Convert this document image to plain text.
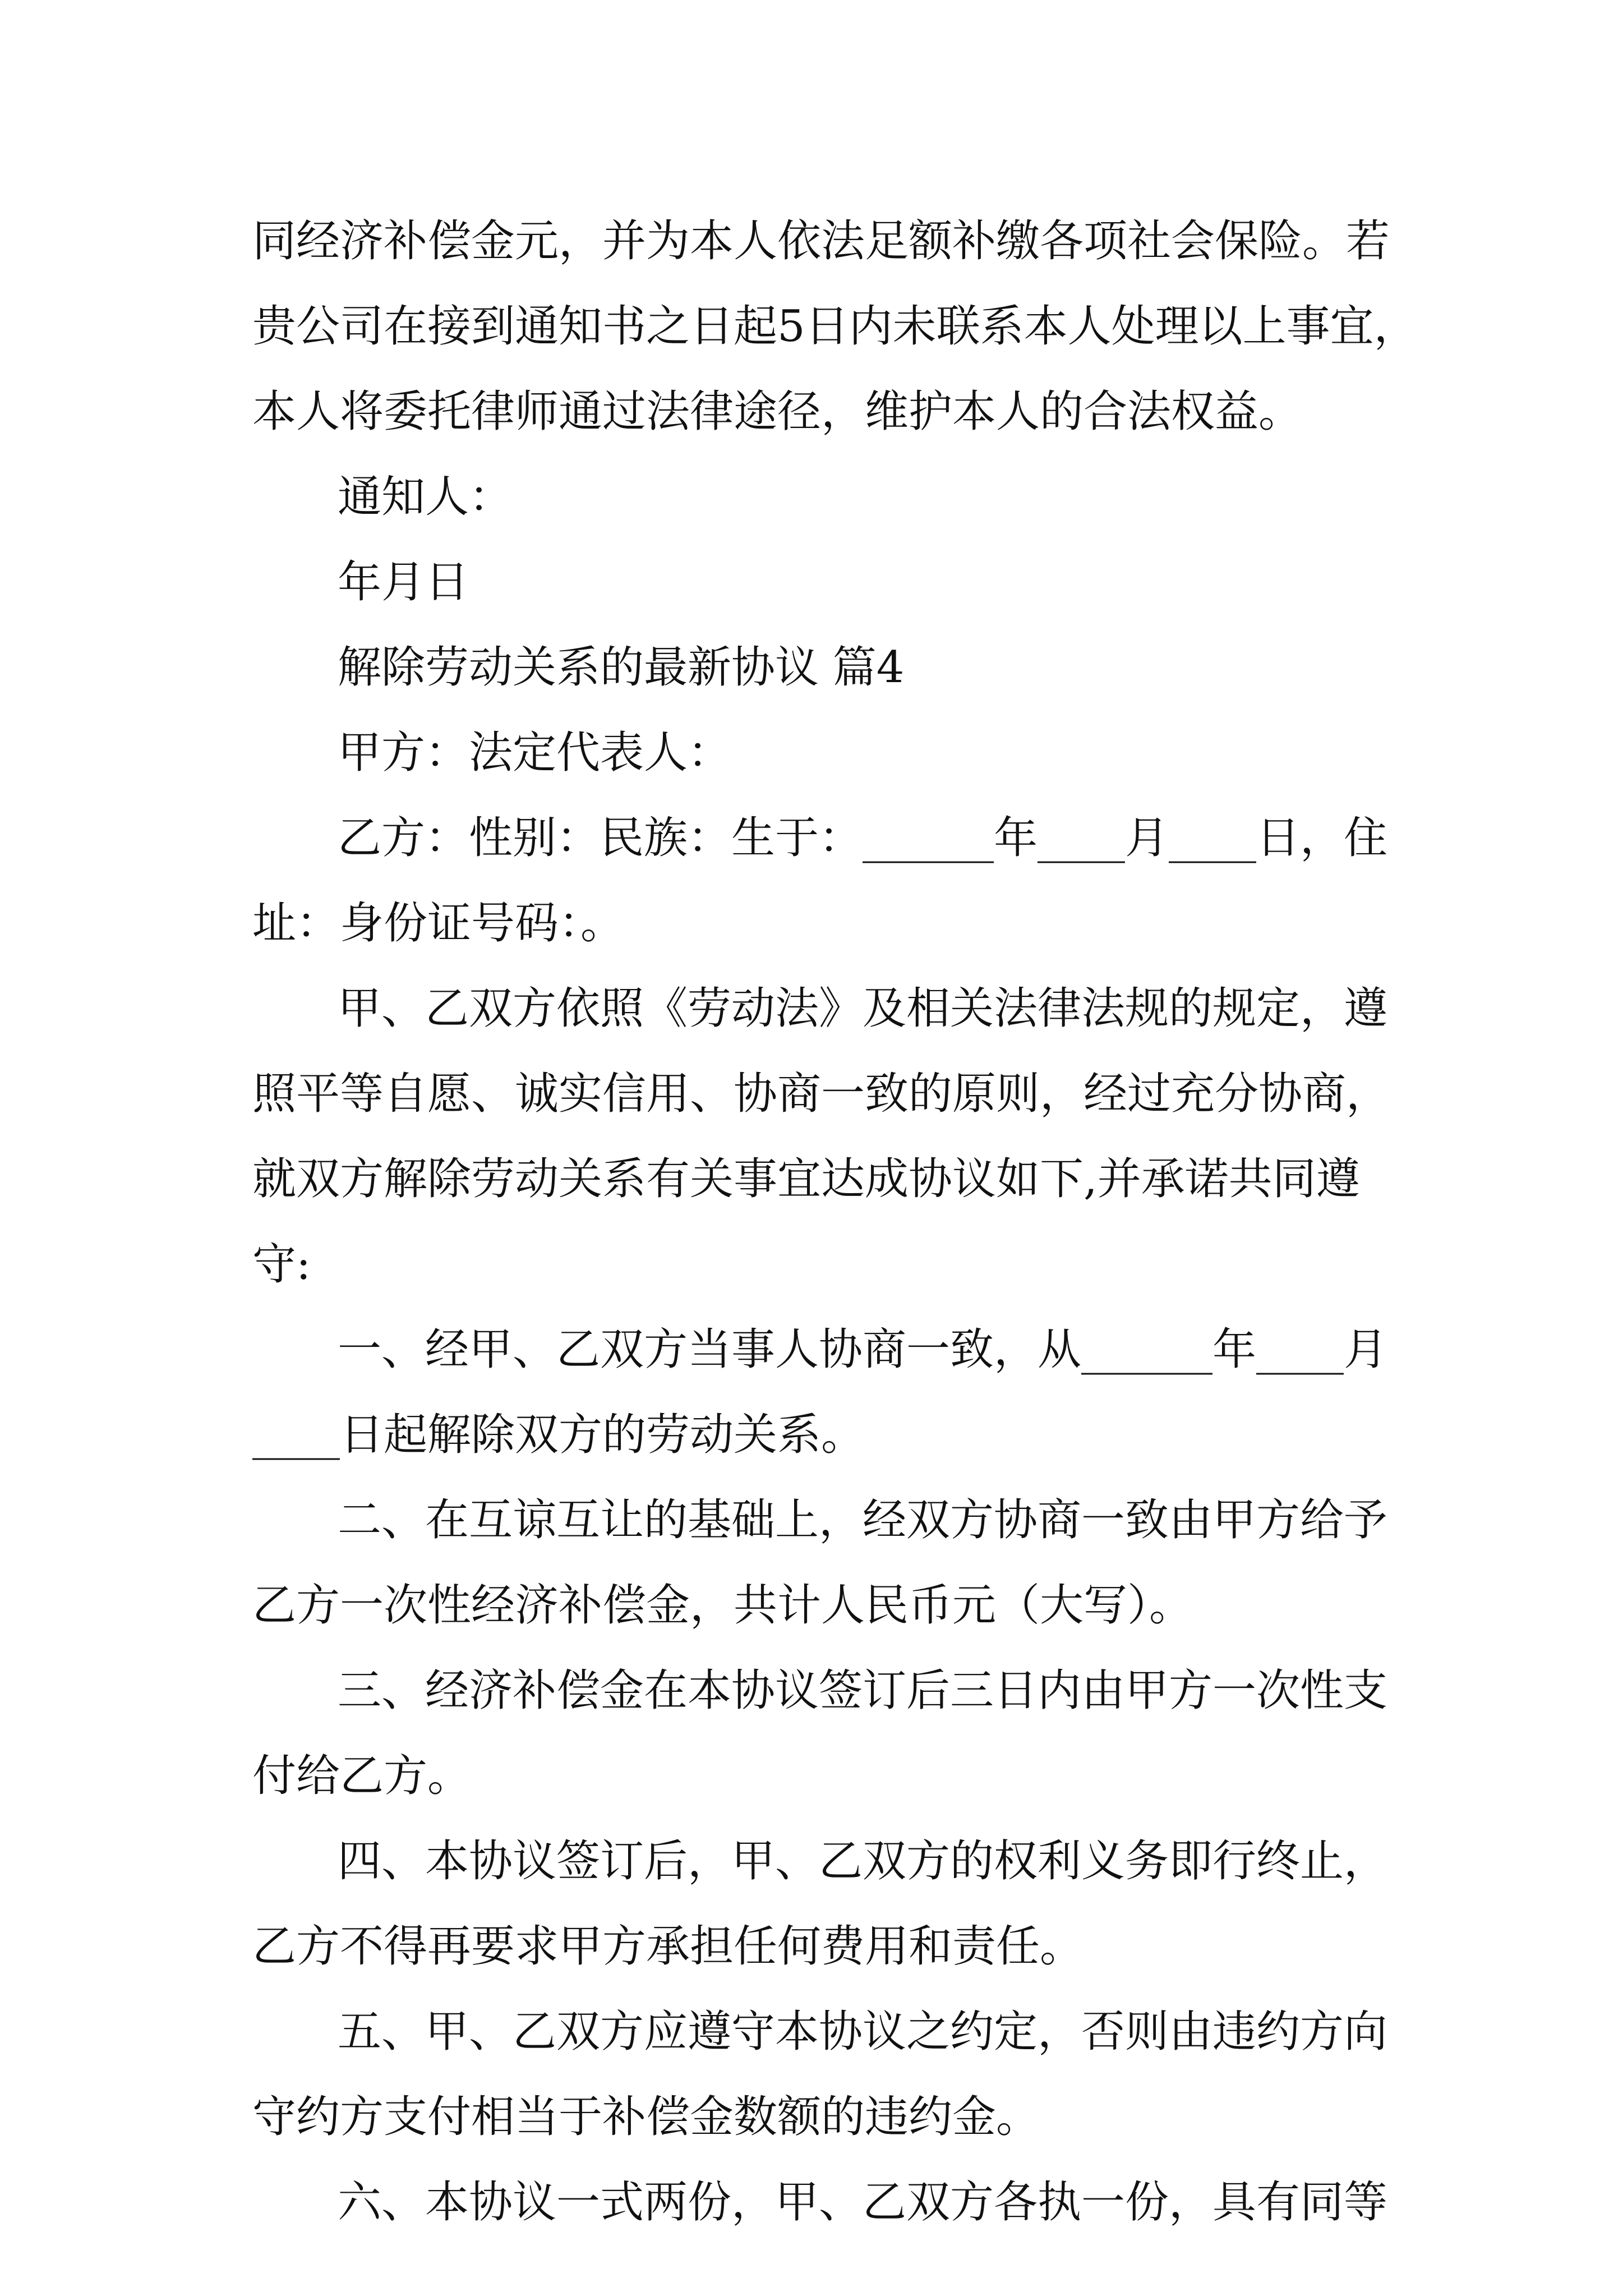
同经济补偿金元，并为本人依法足额补缴各项社会保险。若
贵公司在接到通知书之日起5日内未联系本人处理以上事宜，
本人将委托律师通过法律途径，维护本人的合法权益。
通知人：
年月日
解除劳动关系的最新协议 篇4
甲方：法定代表人：
乙方：性别：民族：生于：______年____月____日，住
址：身份证号码：。
甲、乙双方依照《劳动法》及相关法律法规的规定，遵
照平等自愿、诚实信用、协商一致的原则，经过充分协商，
就双方解除劳动关系有关事宜达成协议如下,并承诺共同遵
守:
一、经甲、乙双方当事人协商一致，从______年____月
____日起解除双方的劳动关系。
二、在互谅互让的基础上，经双方协商一致由甲方给予
乙方一次性经济补偿金，共计人民币元（大写）。
三、经济补偿金在本协议签订后三日内由甲方一次性支
付给乙方。
四、本协议签订后，甲、乙双方的权利义务即行终止，
乙方不得再要求甲方承担任何费用和责任。
五、甲、乙双方应遵守本协议之约定，否则由违约方向
守约方支付相当于补偿金数额的违约金。
六、本协议一式两份，甲、乙双方各执一份，具有同等
